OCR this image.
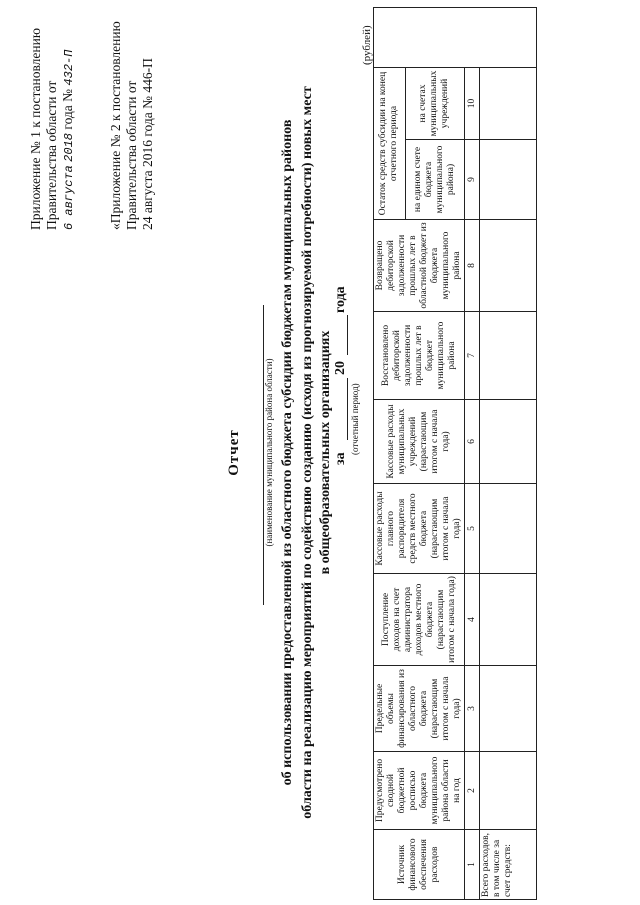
Приложение № 1 к постановлению Правительства области от 6 августа 2018 года № 432-П «Приложение № 2 к постановлению Правительства области от 24 августа 2016 года № 446-П
Отчет (наименование муниципального района области) об использовании предоставленной из областного бюджета субсидии бюджетам муниципальных районов области на реализацию мероприятий по содействию созданию (исходя из прогнозируемой потребности) новых мест в общеобразовательных организациях за
20
года
(отчетный период)
(рублей)
Источник финансового обеспечения расходов	Предусмотрено сводной бюджетной росписью бюджета муниципального района области на год	Предельные объемы финансирования из областного бюджета (нарастающим итогом с начала года)	Поступление доходов на счет администратора доходов местного бюджета (нарастающим итогом с начала года)	Кассовые расходы главного распорядителя средств местного бюджета (нарастающим итогом с начала года)	Кассовые расходы муниципальных учреждений (нарастающим итогом с начала года)	Восстановлено дебиторской задолженности прошлых лет в бюджет муниципального района	Возвращено дебиторской задолженности прошлых лет в областной бюджет из бюджета муниципального района	Остаток средств субсидии на конец отчетного периода		
								на едином счете бюджета муниципального района)	на счетах муниципальных учреждений	
1	2	3	4	5	6	7	8	9	10	
Всего расходов, в том числе за счет средств:										
